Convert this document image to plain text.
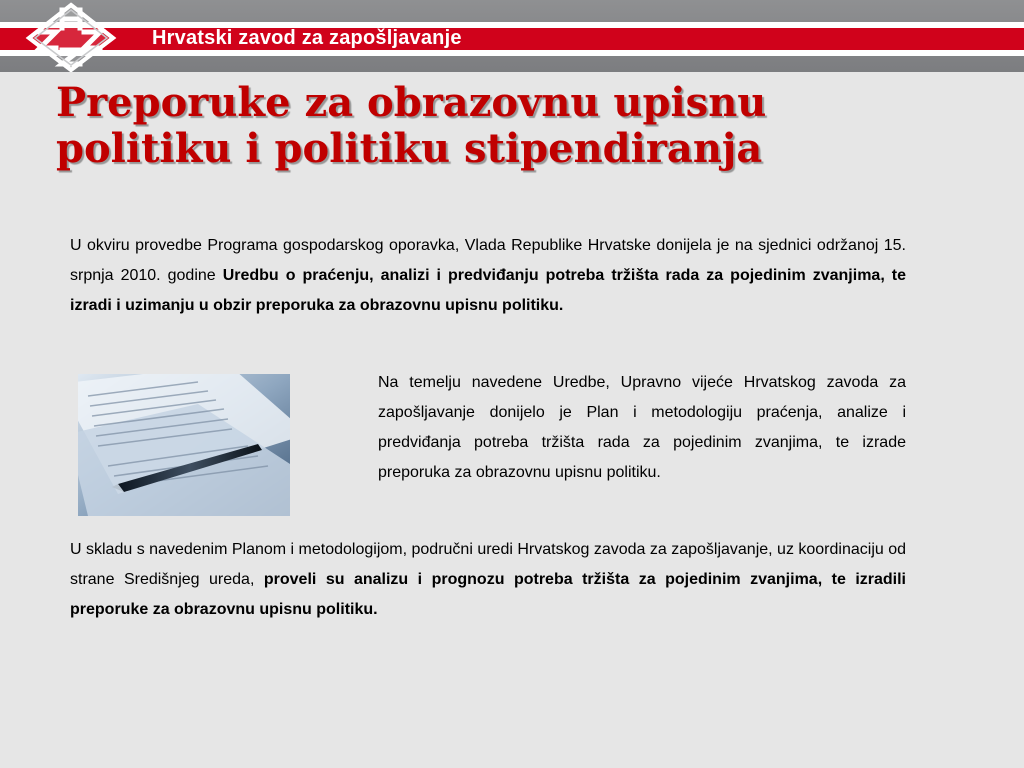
Hrvatski zavod za zapošljavanje
Preporuke za obrazovnu upisnu
politiku i politiku stipendiranja

U okviru provedbe Programa gospodarskog oporavka, Vlada Republike Hrvatske donijela je na sjednici održanoj 15. srpnja 2010. godine Uredbu o praćenju, analizi i predviđanju potreba tržišta rada za pojedinim zvanjima, te izradi i uzimanju u obzir preporuka za obrazovnu upisnu politiku.

Na temelju navedene Uredbe, Upravno vijeće Hrvatskog zavoda za zapošljavanje donijelo je Plan i metodologiju praćenja, analize i predviđanja potreba tržišta rada za pojedinim zvanjima, te izrade preporuka za obrazovnu upisnu politiku.

U skladu s navedenim Planom i metodologijom, područni uredi Hrvatskog zavoda za zapošljavanje, uz koordinaciju od strane Središnjeg ureda, proveli su analizu i prognozu potreba tržišta za pojedinim zvanjima, te izradili preporuke za obrazovnu upisnu politiku.
